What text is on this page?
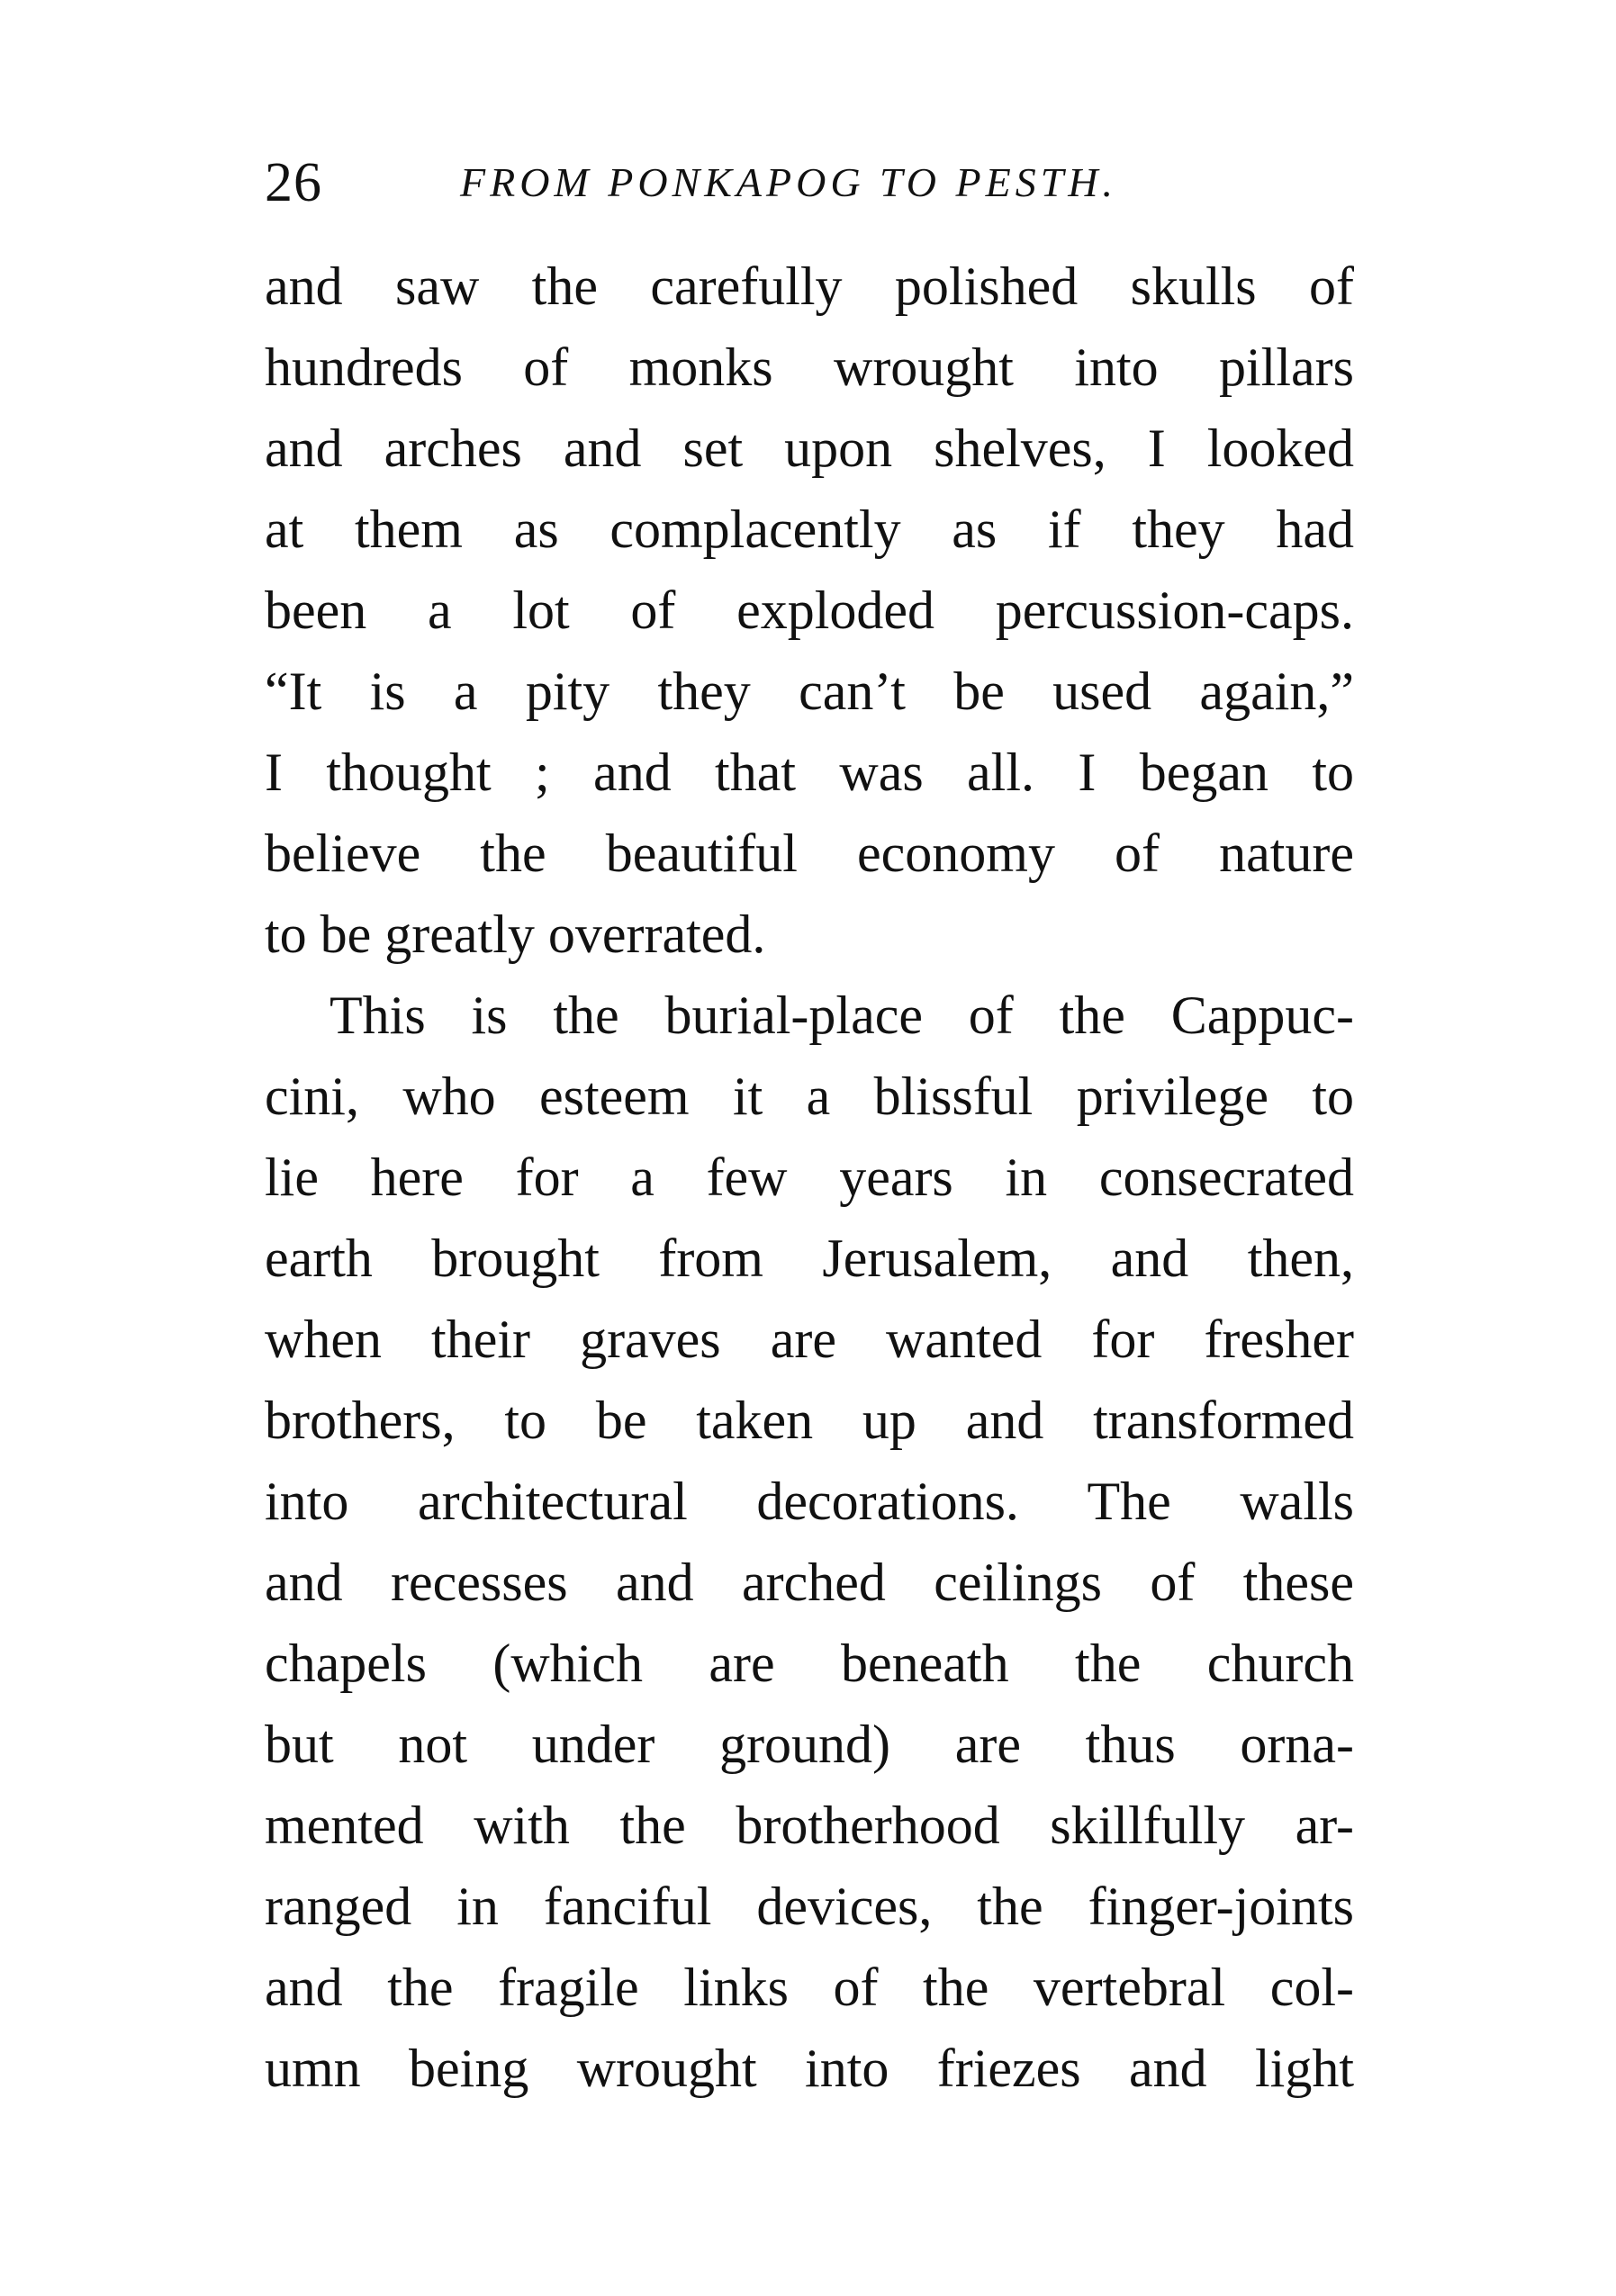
26	FROM PONKAPOG TO PESTH.
and saw the carefully polished skulls of
hundreds of monks wrought into pillars
and arches and set upon shelves, I looked
at them as complacently as if they had
been a lot of exploded percussion-caps.
“It is a pity they can’t be used again,”
I thought ; and that was all. I began to
believe the beautiful economy of nature
to be greatly overrated.
This is the burial-place of the Cappuc-
cini, who esteem it a blissful privilege to
lie here for a few years in consecrated
earth brought from Jerusalem, and then,
when their graves are wanted for fresher
brothers, to be taken up and transformed
into architectural decorations. The walls
and recesses and arched ceilings of these
chapels (which are beneath the church
but not under ground) are thus orna-
mented with the brotherhood skillfully ar-
ranged in fanciful devices, the finger-joints
and the fragile links of the vertebral col-
umn being wrought into friezes and light
